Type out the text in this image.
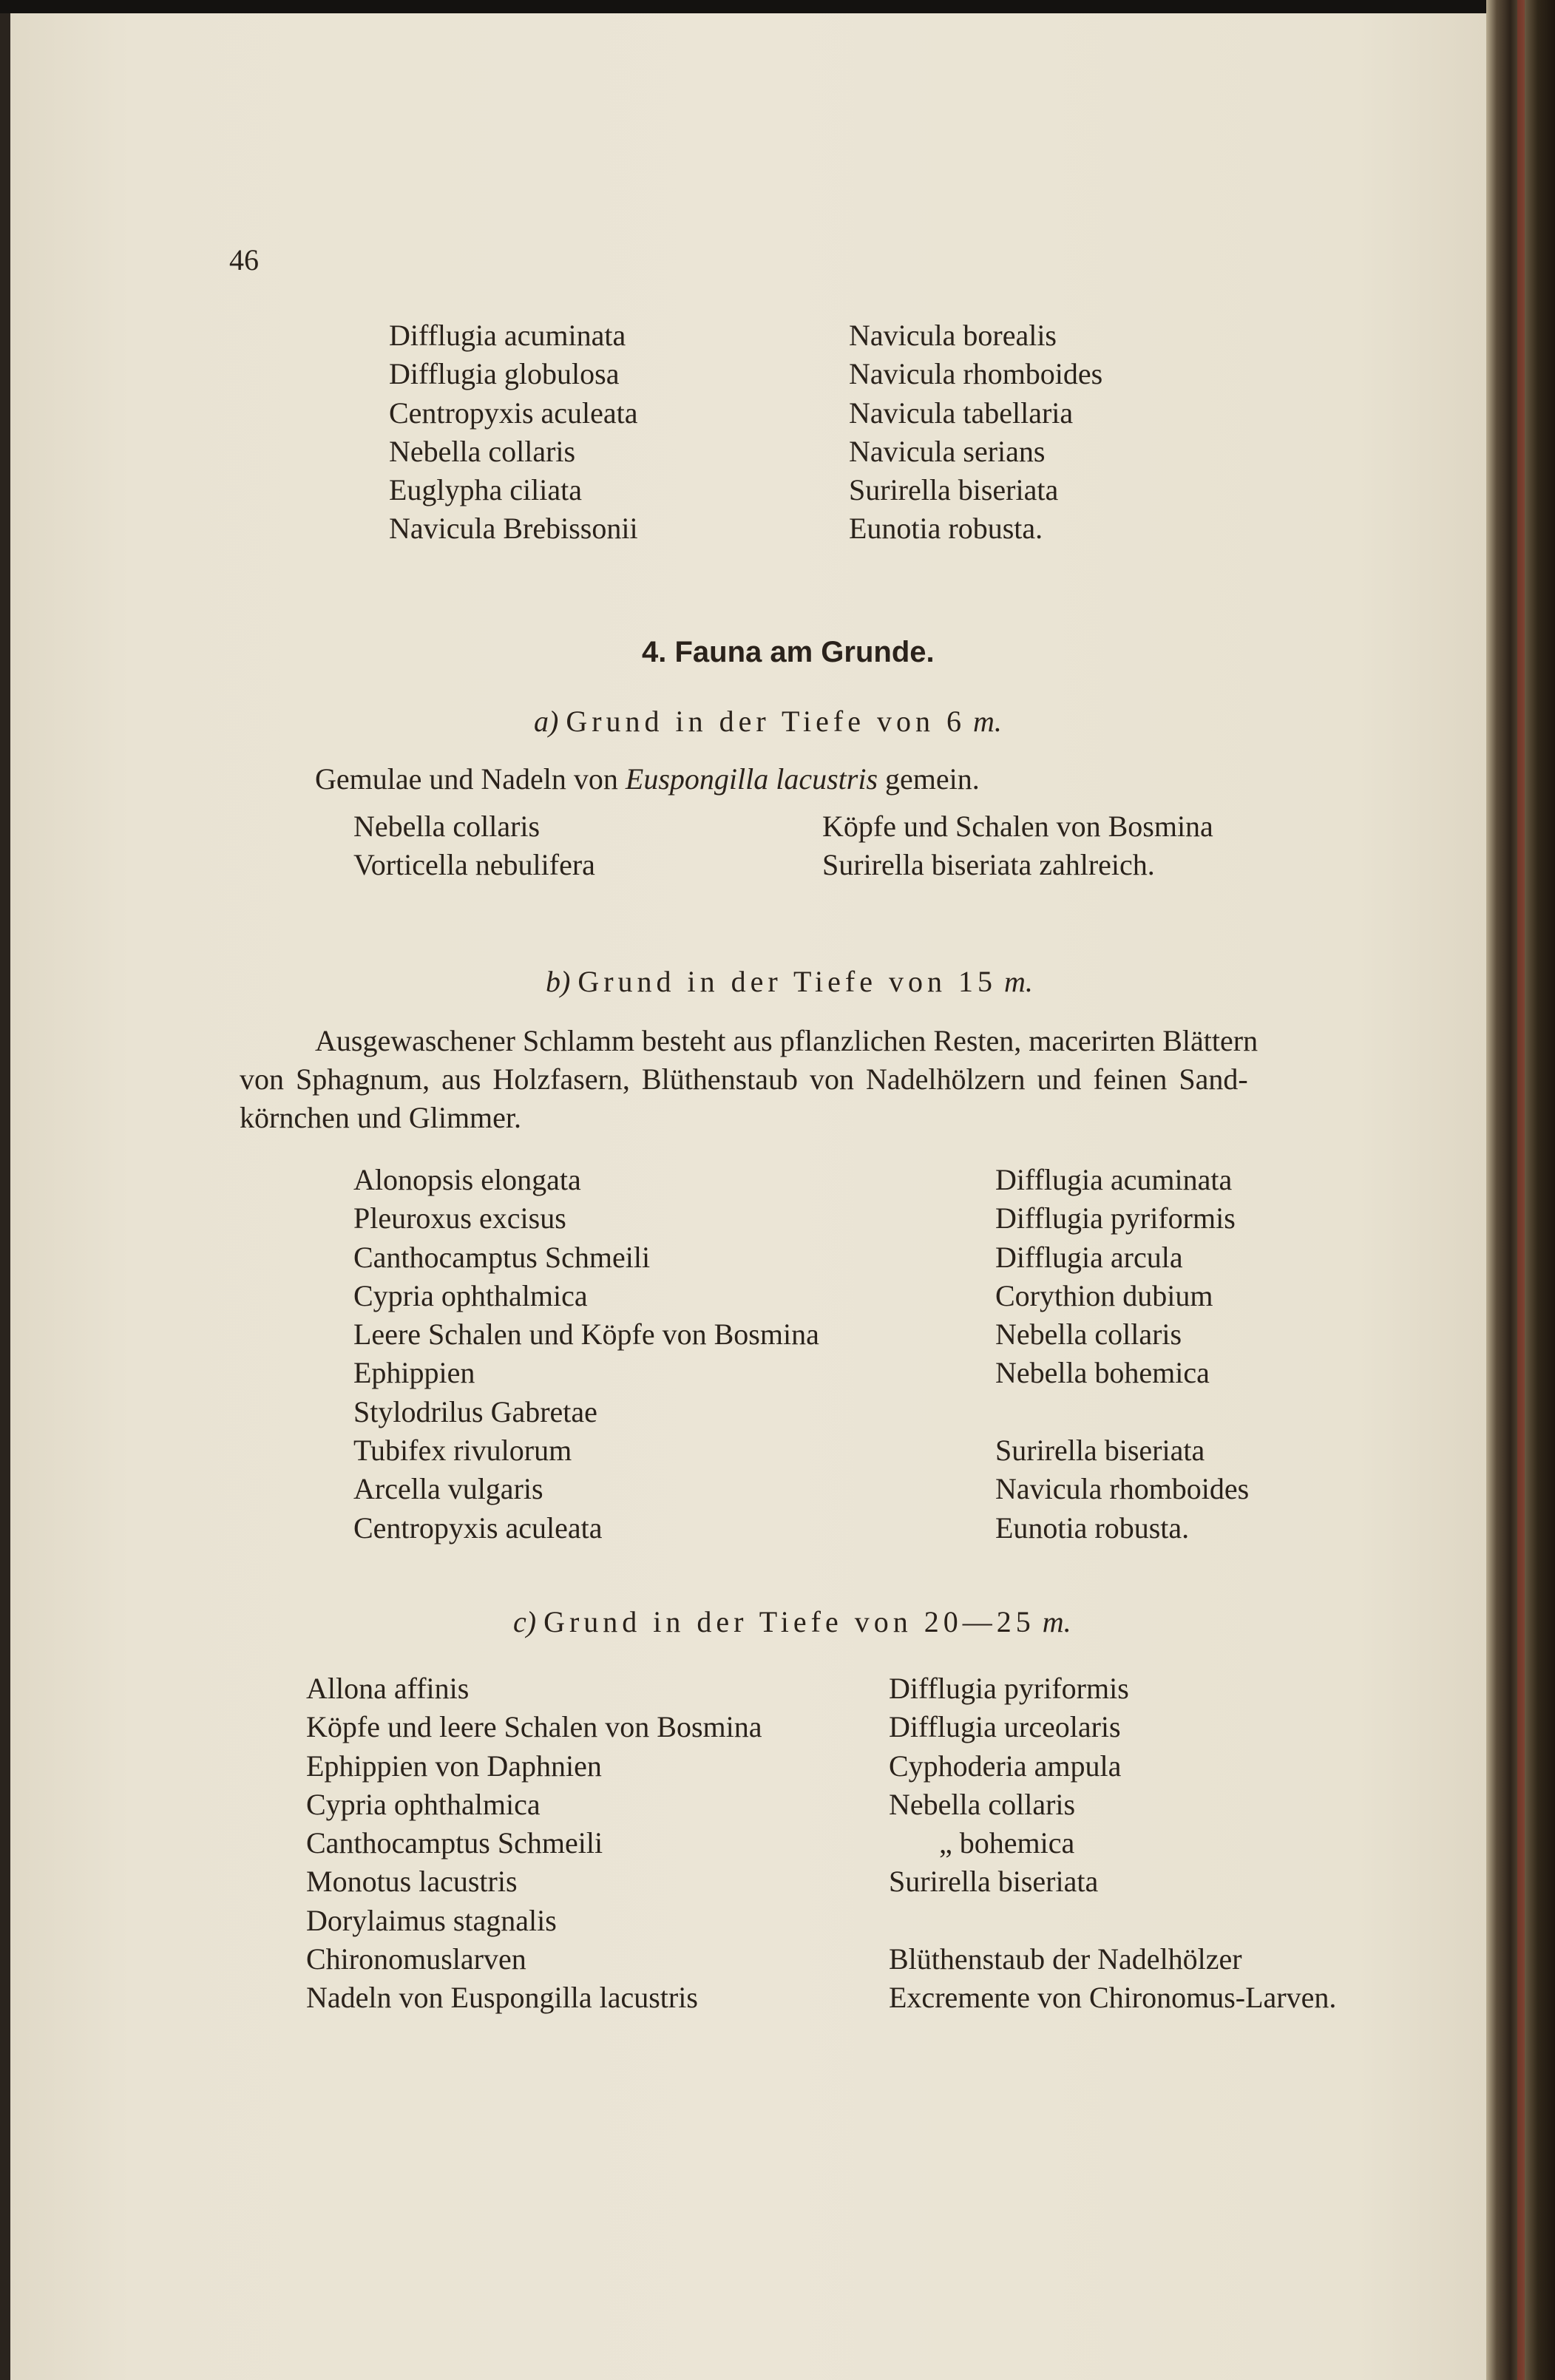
46
Difflugia acuminata
Difflugia globulosa
Centropyxis aculeata
Nebella collaris
Euglypha ciliata
Navicula Brebissonii
Navicula borealis
Navicula rhomboides
Navicula tabellaria
Navicula serians
Surirella biseriata
Eunotia robusta.
4. Fauna am Grunde.
a) Grund in der Tiefe von 6 m.
Gemulae und Nadeln von Euspongilla lacustris gemein.
Nebella collaris
Vorticella nebulifera
Köpfe und Schalen von Bosmina
Surirella biseriata zahlreich.
b) Grund in der Tiefe von 15 m.
Ausgewaschener Schlamm besteht aus pflanzlichen Resten, macerirten Blättern
von Sphagnum, aus Holzfasern, Blüthenstaub von Nadelhölzern und feinen Sand-
körnchen und Glimmer.
Alonopsis elongata
Pleuroxus excisus
Canthocamptus Schmeili
Cypria ophthalmica
Leere Schalen und Köpfe von Bosmina
Ephippien
Stylodrilus Gabretae
Tubifex rivulorum
Arcella vulgaris
Centropyxis aculeata
Difflugia acuminata
Difflugia pyriformis
Difflugia arcula
Corythion dubium
Nebella collaris
Nebella bohemica
Surirella biseriata
Navicula rhomboides
Eunotia robusta.
c) Grund in der Tiefe von 20—25 m.
Allona affinis
Köpfe und leere Schalen von Bosmina
Ephippien von Daphnien
Cypria ophthalmica
Canthocamptus Schmeili
Monotus lacustris
Dorylaimus stagnalis
Chironomuslarven
Nadeln von Euspongilla lacustris
Difflugia pyriformis
Difflugia urceolaris
Cyphoderia ampula
Nebella collaris
„ bohemica
Surirella biseriata
Blüthenstaub der Nadelhölzer
Excremente von Chironomus-Larven.
